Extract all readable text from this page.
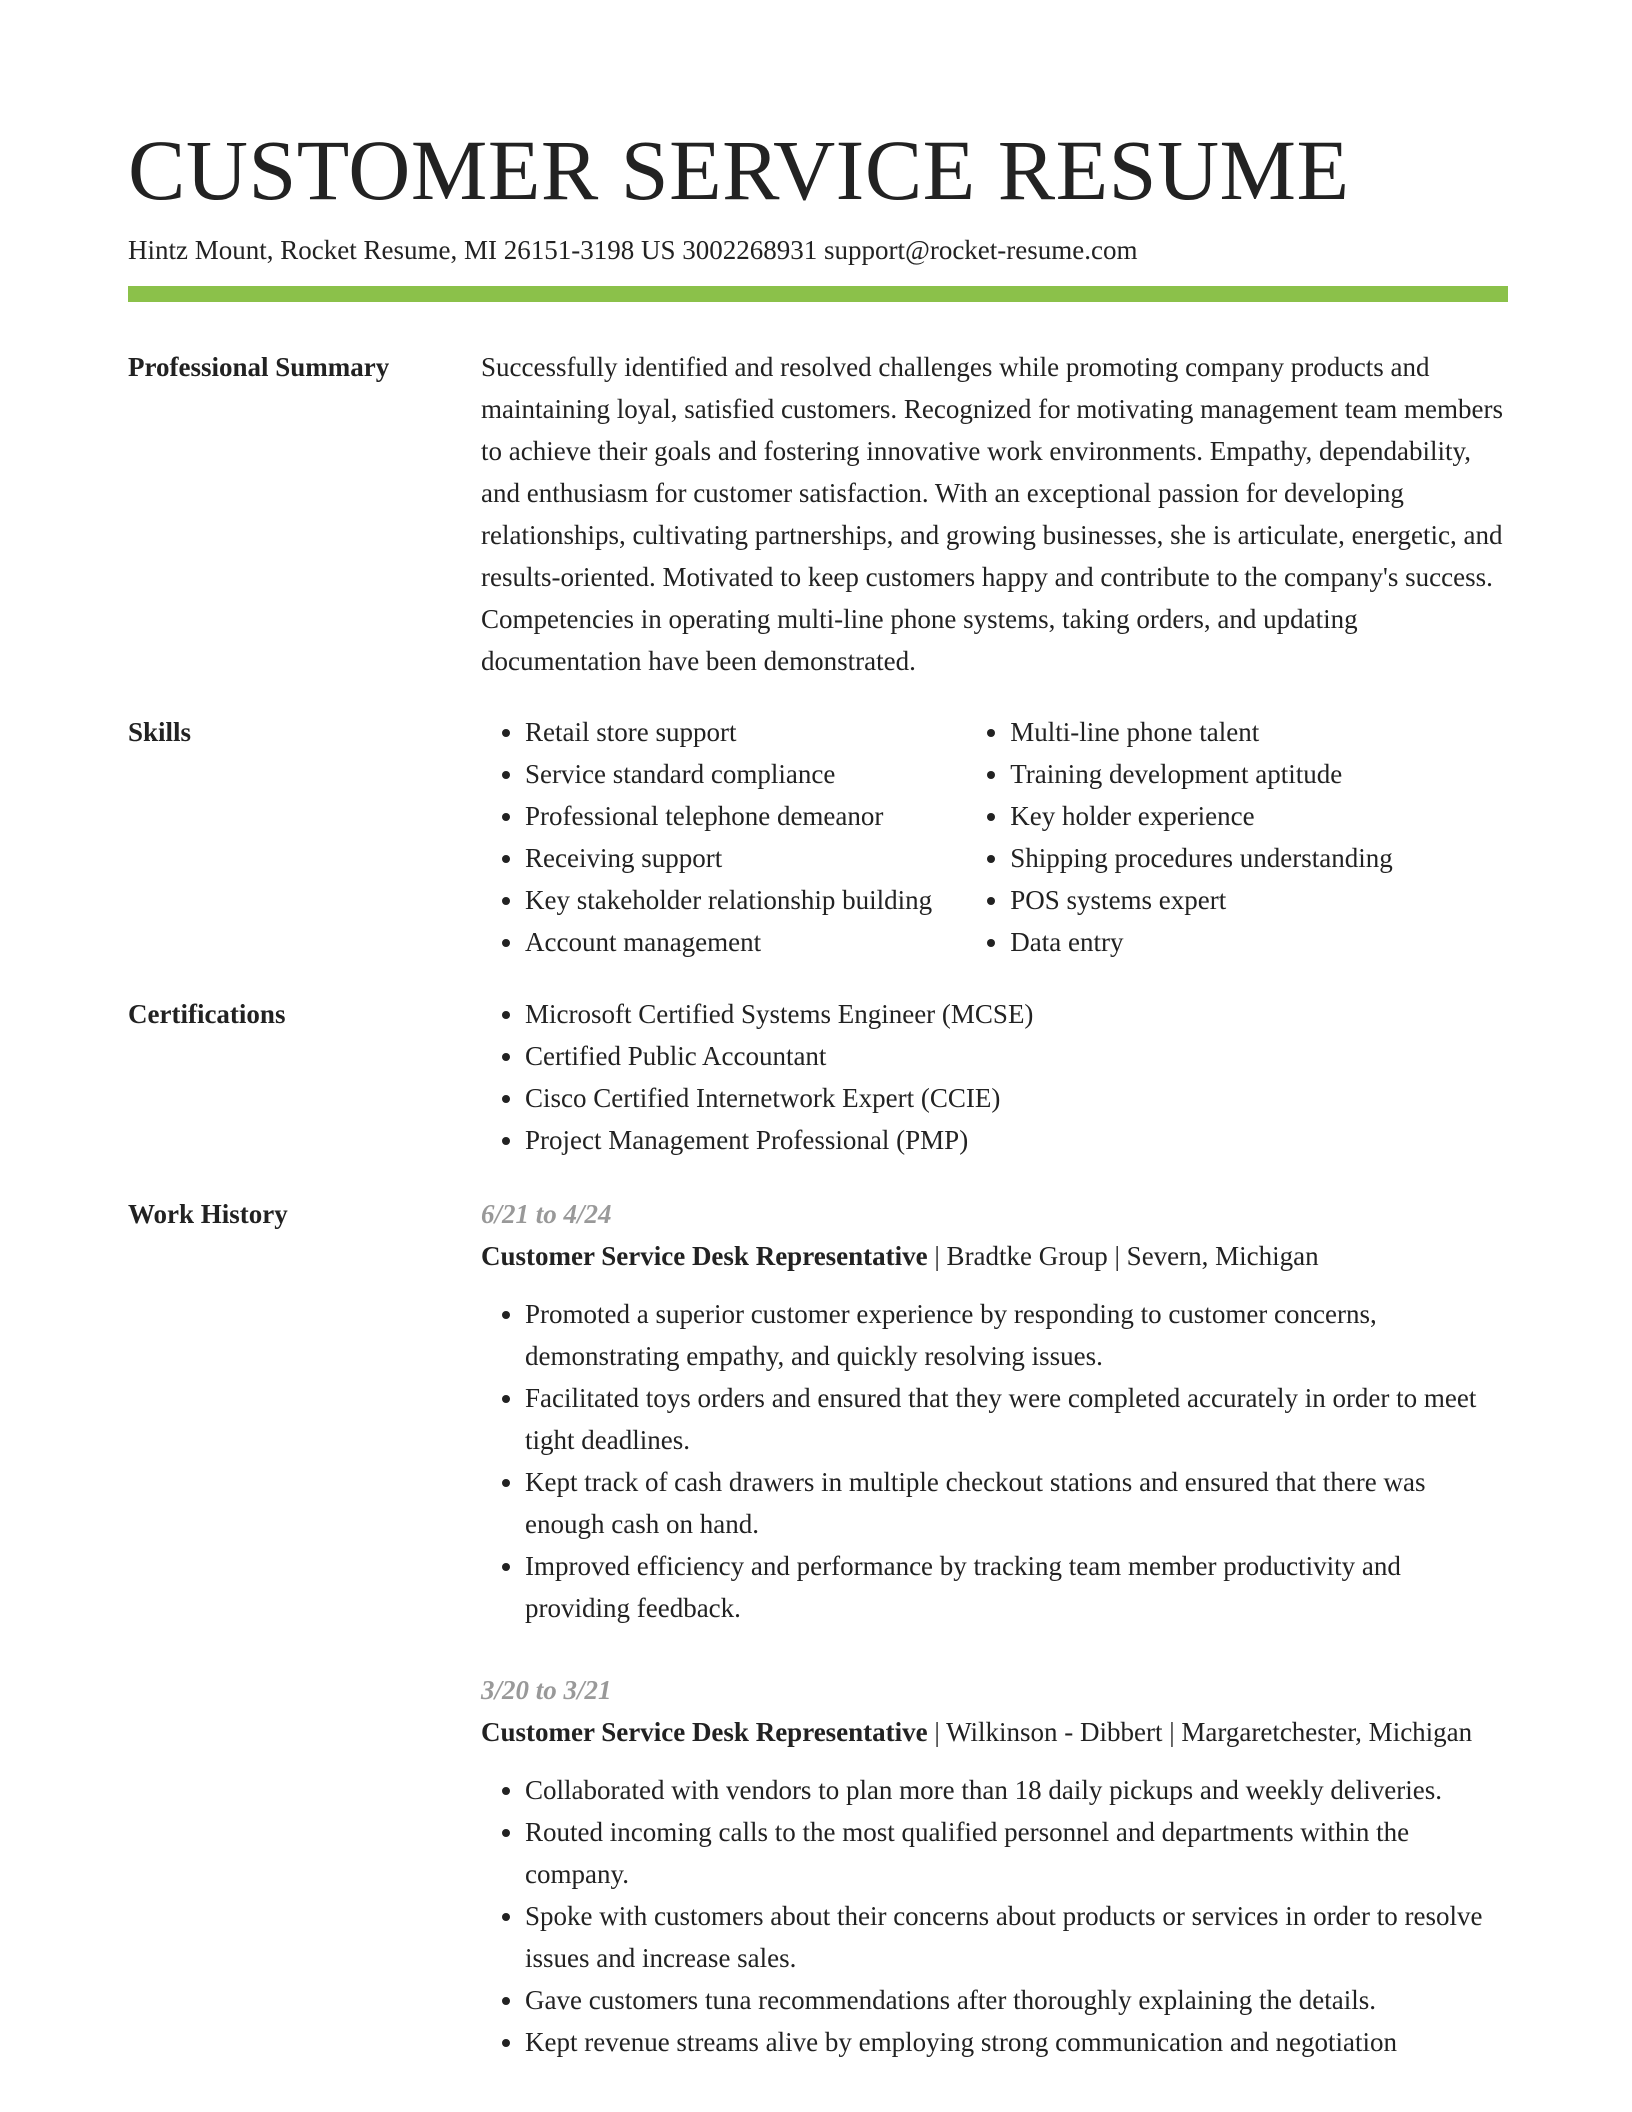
CUSTOMER SERVICE RESUME
Hintz Mount, Rocket Resume, MI 26151-3198 US 3002268931 support@rocket-resume.com
Professional Summary	Successfully identified and resolved challenges while promoting company products and maintaining loyal, satisfied customers. Recognized for motivating management team members to achieve their goals and fostering innovative work environments. Empathy, dependability, and enthusiasm for customer satisfaction. With an exceptional passion for developing relationships, cultivating partnerships, and growing businesses, she is articulate, energetic, and results-oriented. Motivated to keep customers happy and contribute to the company's success. Competencies in operating multi-line phone systems, taking orders, and updating documentation have been demonstrated.

Skills	• Retail store support
• Service standard compliance
• Professional telephone demeanor
• Receiving support
• Key stakeholder relationship building
• Account management
• Multi-line phone talent
• Training development aptitude
• Key holder experience
• Shipping procedures understanding
• POS systems expert
• Data entry
Certifications	• Microsoft Certified Systems Engineer (MCSE)
• Certified Public Accountant
• Cisco Certified Internetwork Expert (CCIE)
• Project Management Professional (PMP)
Work History	6/21 to 4/24

Customer Service Desk Representative | Bradtke Group | Severn, Michigan

• Promoted a superior customer experience by responding to customer concerns, demonstrating empathy, and quickly resolving issues.
• Facilitated toys orders and ensured that they were completed accurately in order to meet tight deadlines.
• Kept track of cash drawers in multiple checkout stations and ensured that there was enough cash on hand.
• Improved efficiency and performance by tracking team member productivity and providing feedback.

3/20 to 3/21

Customer Service Desk Representative | Wilkinson - Dibbert | Margaretchester, Michigan

• Collaborated with vendors to plan more than 18 daily pickups and weekly deliveries.
• Routed incoming calls to the most qualified personnel and departments within the company.
• Spoke with customers about their concerns about products or services in order to resolve issues and increase sales.
• Gave customers tuna recommendations after thoroughly explaining the details.
• Kept revenue streams alive by employing strong communication and negotiation
